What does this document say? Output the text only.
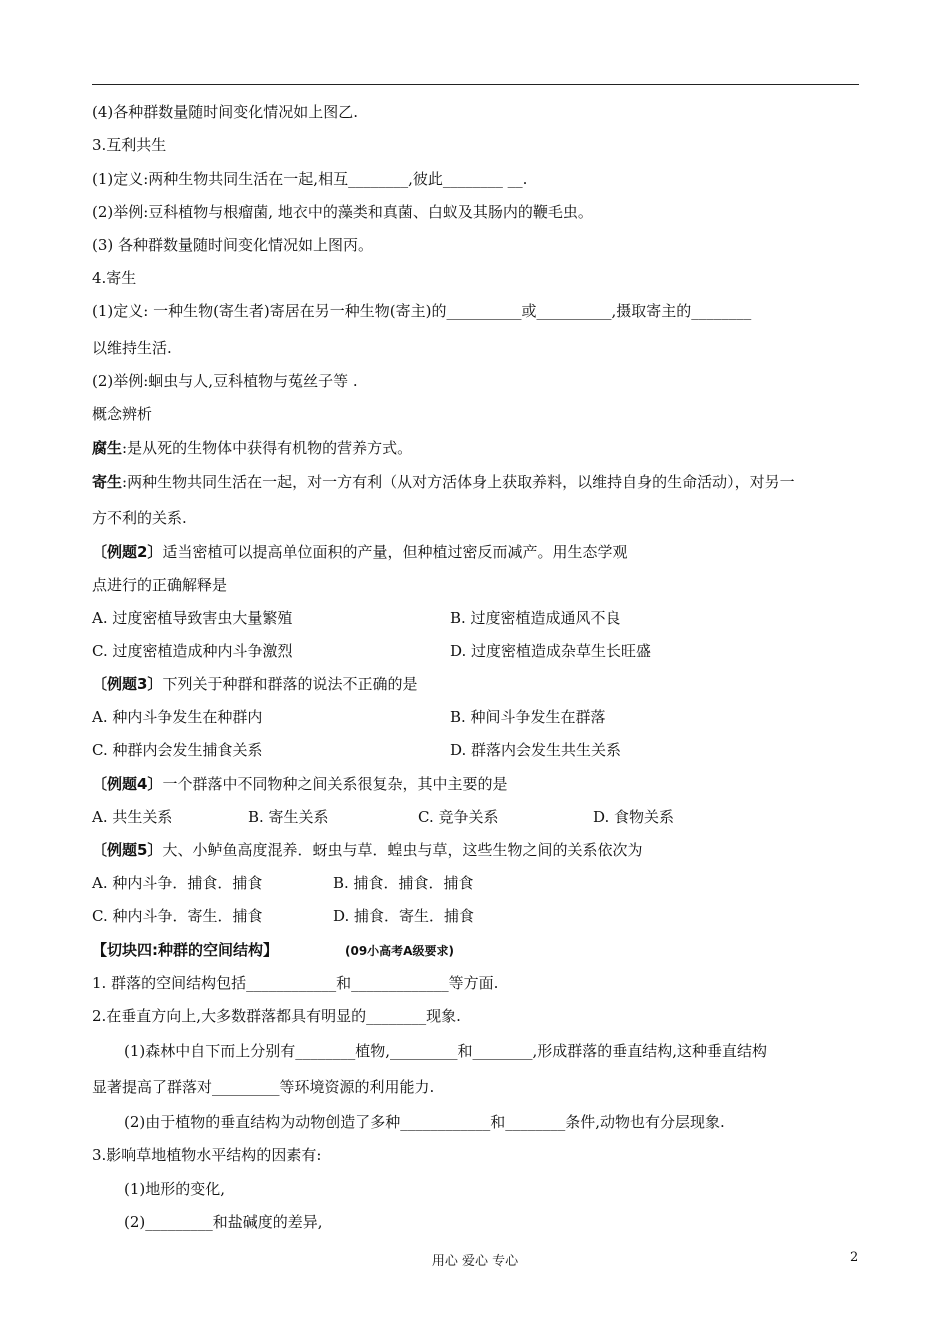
(4)各种群数量随时间变化情况如上图乙.
3.互利共生
(1)定义:两种生物共同生活在一起,相互________,彼此________ __.
(2)举例:豆科植物与根瘤菌, 地衣中的藻类和真菌、白蚁及其肠内的鞭毛虫。
(3) 各种群数量随时间变化情况如上图丙。
4.寄生
(1)定义: 一种生物(寄生者)寄居在另一种生物(寄主)的__________或__________,摄取寄主的________
以维持生活.
(2)举例:蛔虫与人,豆科植物与菟丝子等 .
概念辨析
腐生:是从死的生物体中获得有机物的营养方式。
寄生:两种生物共同生活在一起，对一方有利（从对方活体身上获取养料，以维持自身的生命活动），对另一
方不利的关系.
〔例题2〕适当密植可以提高单位面积的产量，但种植过密反而减产。用生态学观
点进行的正确解释是
A. 过度密植导致害虫大量繁殖	B. 过度密植造成通风不良
C. 过度密植造成种内斗争激烈	D. 过度密植造成杂草生长旺盛
〔例题3〕下列关于种群和群落的说法不正确的是
A. 种内斗争发生在种群内	B. 种间斗争发生在群落
C. 种群内会发生捕食关系	D. 群落内会发生共生关系
〔例题4〕一个群落中不同物种之间关系很复杂，其中主要的是
A. 共生关系	B. 寄生关系	C. 竞争关系	D. 食物关系
〔例题5〕大、小鲈鱼高度混养．蚜虫与草．蝗虫与草，这些生物之间的关系依次为
A. 种内斗争．捕食．捕食	B. 捕食．捕食．捕食
C. 种内斗争．寄生．捕食	D. 捕食．寄生．捕食
【切块四:种群的空间结构】	(09小高考A级要求)
1. 群落的空间结构包括____________和_____________等方面.
2.在垂直方向上,大多数群落都具有明显的________现象.
(1)森林中自下而上分别有________植物,_________和________,形成群落的垂直结构,这种垂直结构
显著提高了群落对_________等环境资源的利用能力.
(2)由于植物的垂直结构为动物创造了多种____________和________条件,动物也有分层现象.
3.影响草地植物水平结构的因素有:
(1)地形的变化,
(2)_________和盐碱度的差异,
用心 爱心 专心	2
